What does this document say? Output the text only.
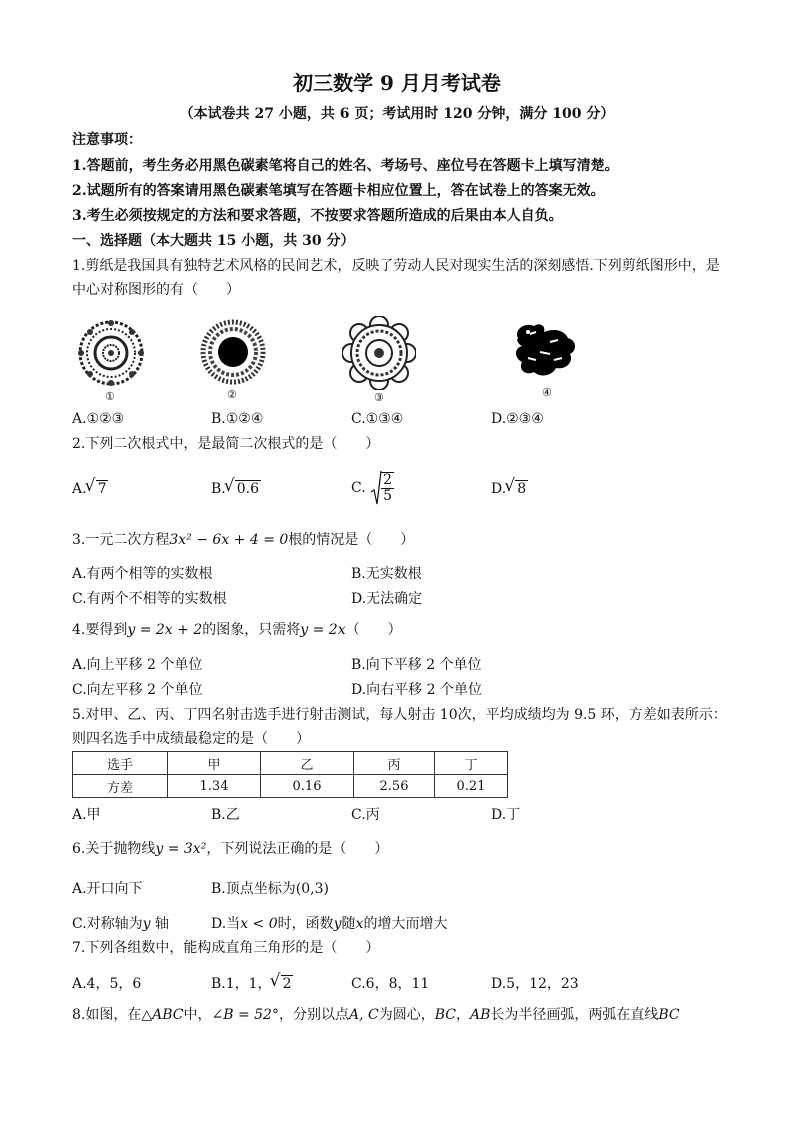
初三数学 9 月月考试卷
（本试卷共 27 小题，共 6 页；考试用时 120 分钟，满分 100 分）
注意事项：
1.答题前，考生务必用黑色碳素笔将自己的姓名、考场号、座位号在答题卡上填写清楚。
2.试题所有的答案请用黑色碳素笔填写在答题卡相应位置上，答在试卷上的答案无效。
3.考生必须按规定的方法和要求答题，不按要求答题所造成的后果由本人自负。
一、选择题（本大题共 15 小题，共 30 分）
1.剪纸是我国具有独特艺术风格的民间艺术，反映了劳动人民对现实生活的深刻感悟.下列剪纸图形中，是
中心对称图形的有（　　）
①	②	③	④
A.①②③	B.①②④	C.①③④	D.②③④
2.下列二次根式中，是最简二次根式的是（　　）
A. √ 7	B. √ 0.6	C. $\frac{2}{5}$	D. √ 8
3.一元二次方程3x² − 6x + 4 = 0根的情况是（　　）
A.有两个相等的实数根	B.无实数根
C.有两个不相等的实数根	D.无法确定
4.要得到y = 2x + 2的图象，只需将y = 2x（　　）
A.向上平移 2 个单位	B.向下平移 2 个单位
C.向左平移 2 个单位	D.向右平移 2 个单位
5.对甲、乙、丙、丁四名射击选手进行射击测试，每人射击 10次，平均成绩均为 9.5 环，方差如表所示：
则四名选手中成绩最稳定的是（　　）
选手	甲	乙	丙	丁
方差	1.34	0.16	2.56	0.21
A.甲	B.乙	C.丙	D.丁
6.关于抛物线y = 3x²，下列说法正确的是（　　）
A.开口向下	B.顶点坐标为(0,3)
C.对称轴为y 轴	D.当x < 0时，函数y随x的增大而增大
7.下列各组数中，能构成直角三角形的是（　　）
A.4，5，6	B.1，1， √ 2	C.6，8，11	D.5，12，23
8.如图，在△ABC中，∠B = 52°，分别以点A, C为圆心，BC，AB长为半径画弧，两弧在直线BC
